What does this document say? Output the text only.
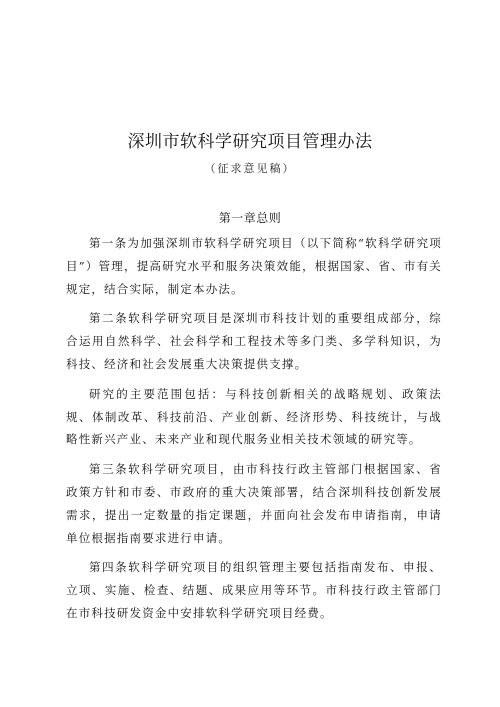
深圳市软科学研究项目管理办法
（征求意见稿）
第一章总则

第一条为加强深圳市软科学研究项目（以下简称“软科学研究项目”）管理，提高研究水平和服务决策效能，根据国家、省、市有关规定，结合实际，制定本办法。

第二条软科学研究项目是深圳市科技计划的重要组成部分，综合运用自然科学、社会科学和工程技术等多门类、多学科知识，为科技、经济和社会发展重大决策提供支撑。

研究的主要范围包括：与科技创新相关的战略规划、政策法规、体制改革、科技前沿、产业创新、经济形势、科技统计，与战略性新兴产业、未来产业和现代服务业相关技术领域的研究等。

第三条软科学研究项目，由市科技行政主管部门根据国家、省政策方针和市委、市政府的重大决策部署，结合深圳科技创新发展需求，提出一定数量的指定课题，并面向社会发布申请指南，申请单位根据指南要求进行申请。

第四条软科学研究项目的组织管理主要包括指南发布、申报、立项、实施、检查、结题、成果应用等环节。市科技行政主管部门在市科技研发资金中安排软科学研究项目经费。
